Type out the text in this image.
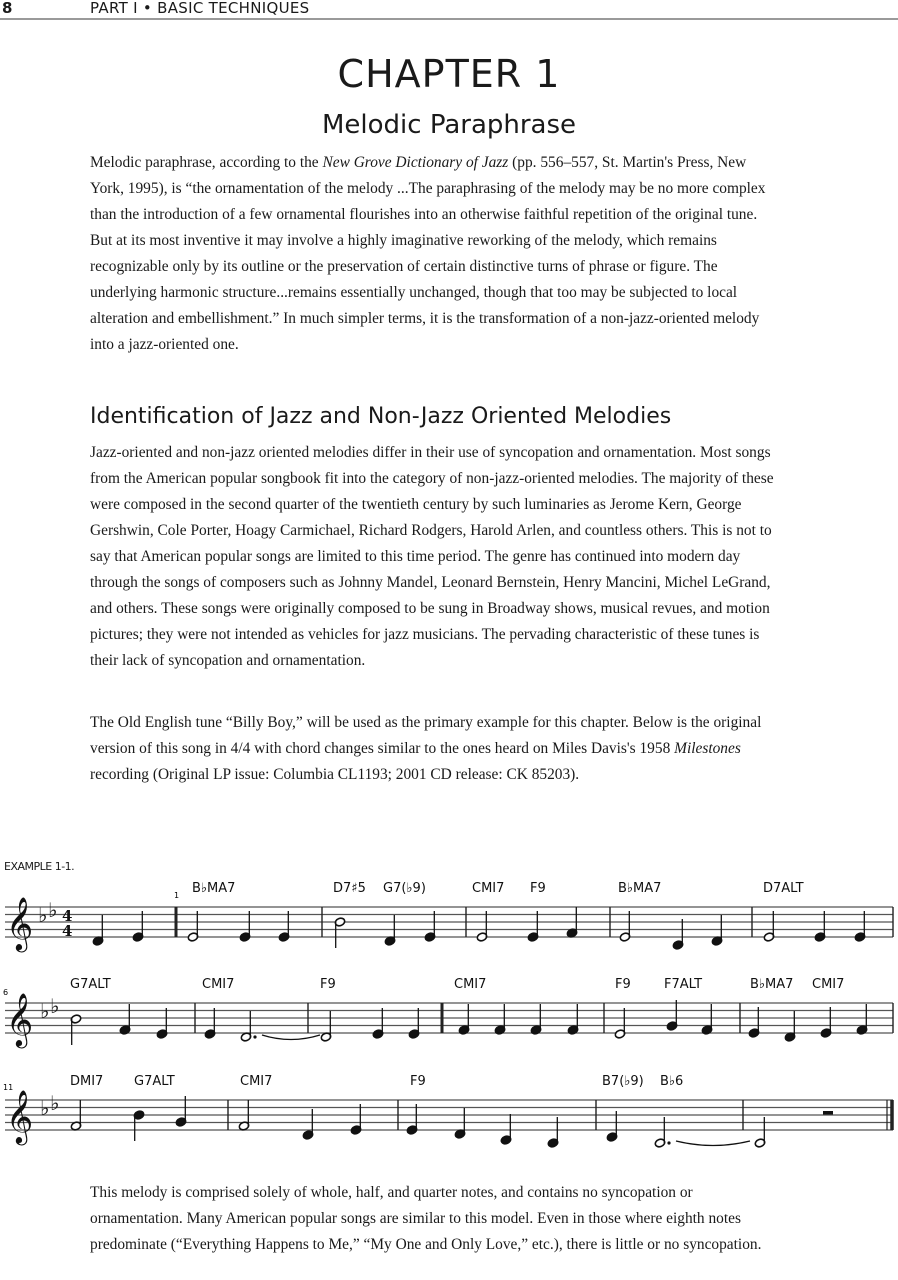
8	PART I • BASIC TECHNIQUES
CHAPTER 1
Melodic Paraphrase

Melodic paraphrase, according to the New Grove Dictionary of Jazz (pp. 556–557, St. Martin's Press, New York, 1995), is “the ornamentation of the melody ...The paraphrasing of the melody may be no more complex than the introduction of a few ornamental flourishes into an otherwise faithful repetition of the original tune. But at its most inventive it may involve a highly imaginative reworking of the melody, which remains recognizable only by its outline or the preservation of certain distinctive turns of phrase or figure. The underlying harmonic structure...remains essentially unchanged, though that too may be subjected to local alteration and embellishment.” In much simpler terms, it is the transformation of a non-jazz-oriented melody into a jazz-oriented one.

Identification of Jazz and Non-Jazz Oriented Melodies

Jazz-oriented and non-jazz oriented melodies differ in their use of syncopation and ornamentation. Most songs from the American popular songbook fit into the category of non-jazz-oriented melodies. The majority of these were composed in the second quarter of the twentieth century by such luminaries as Jerome Kern, George Gershwin, Cole Porter, Hoagy Carmichael, Richard Rodgers, Harold Arlen, and countless others. This is not to say that American popular songs are limited to this time period. The genre has continued into modern day through the songs of composers such as Johnny Mandel, Leonard Bernstein, Henry Mancini, Michel LeGrand, and others. These songs were originally composed to be sung in Broadway shows, musical revues, and motion pictures; they were not intended as vehicles for jazz musicians. The pervading characteristic of these tunes is their lack of syncopation and ornamentation.

The Old English tune “Billy Boy,” will be used as the primary example for this chapter. Below is the original version of this song in 4/4 with chord changes similar to the ones heard on Miles Davis's 1958 Milestones recording (Original LP issue: Columbia CL1193; 2001 CD release: CK 85203).

EXAMPLE 1-1.
𝄞 ♭ ♭ 4
4
𝄞 ♭ ♭
𝄞 ♭ ♭
1
6
11
B♭MA7	D7♯5 G7(♭9)	CMI7 F9	B♭MA7	D7ALT
G7ALT	CMI7	F9	CMI7	F9	F7ALT	B♭MA7 CMI7
DMI7 G7ALT	CMI7	F9	B7(♭9) B♭6

This melody is comprised solely of whole, half, and quarter notes, and contains no syncopation or ornamentation. Many American popular songs are similar to this model. Even in those where eighth notes predominate (“Everything Happens to Me,” “My One and Only Love,” etc.), there is little or no syncopation.
